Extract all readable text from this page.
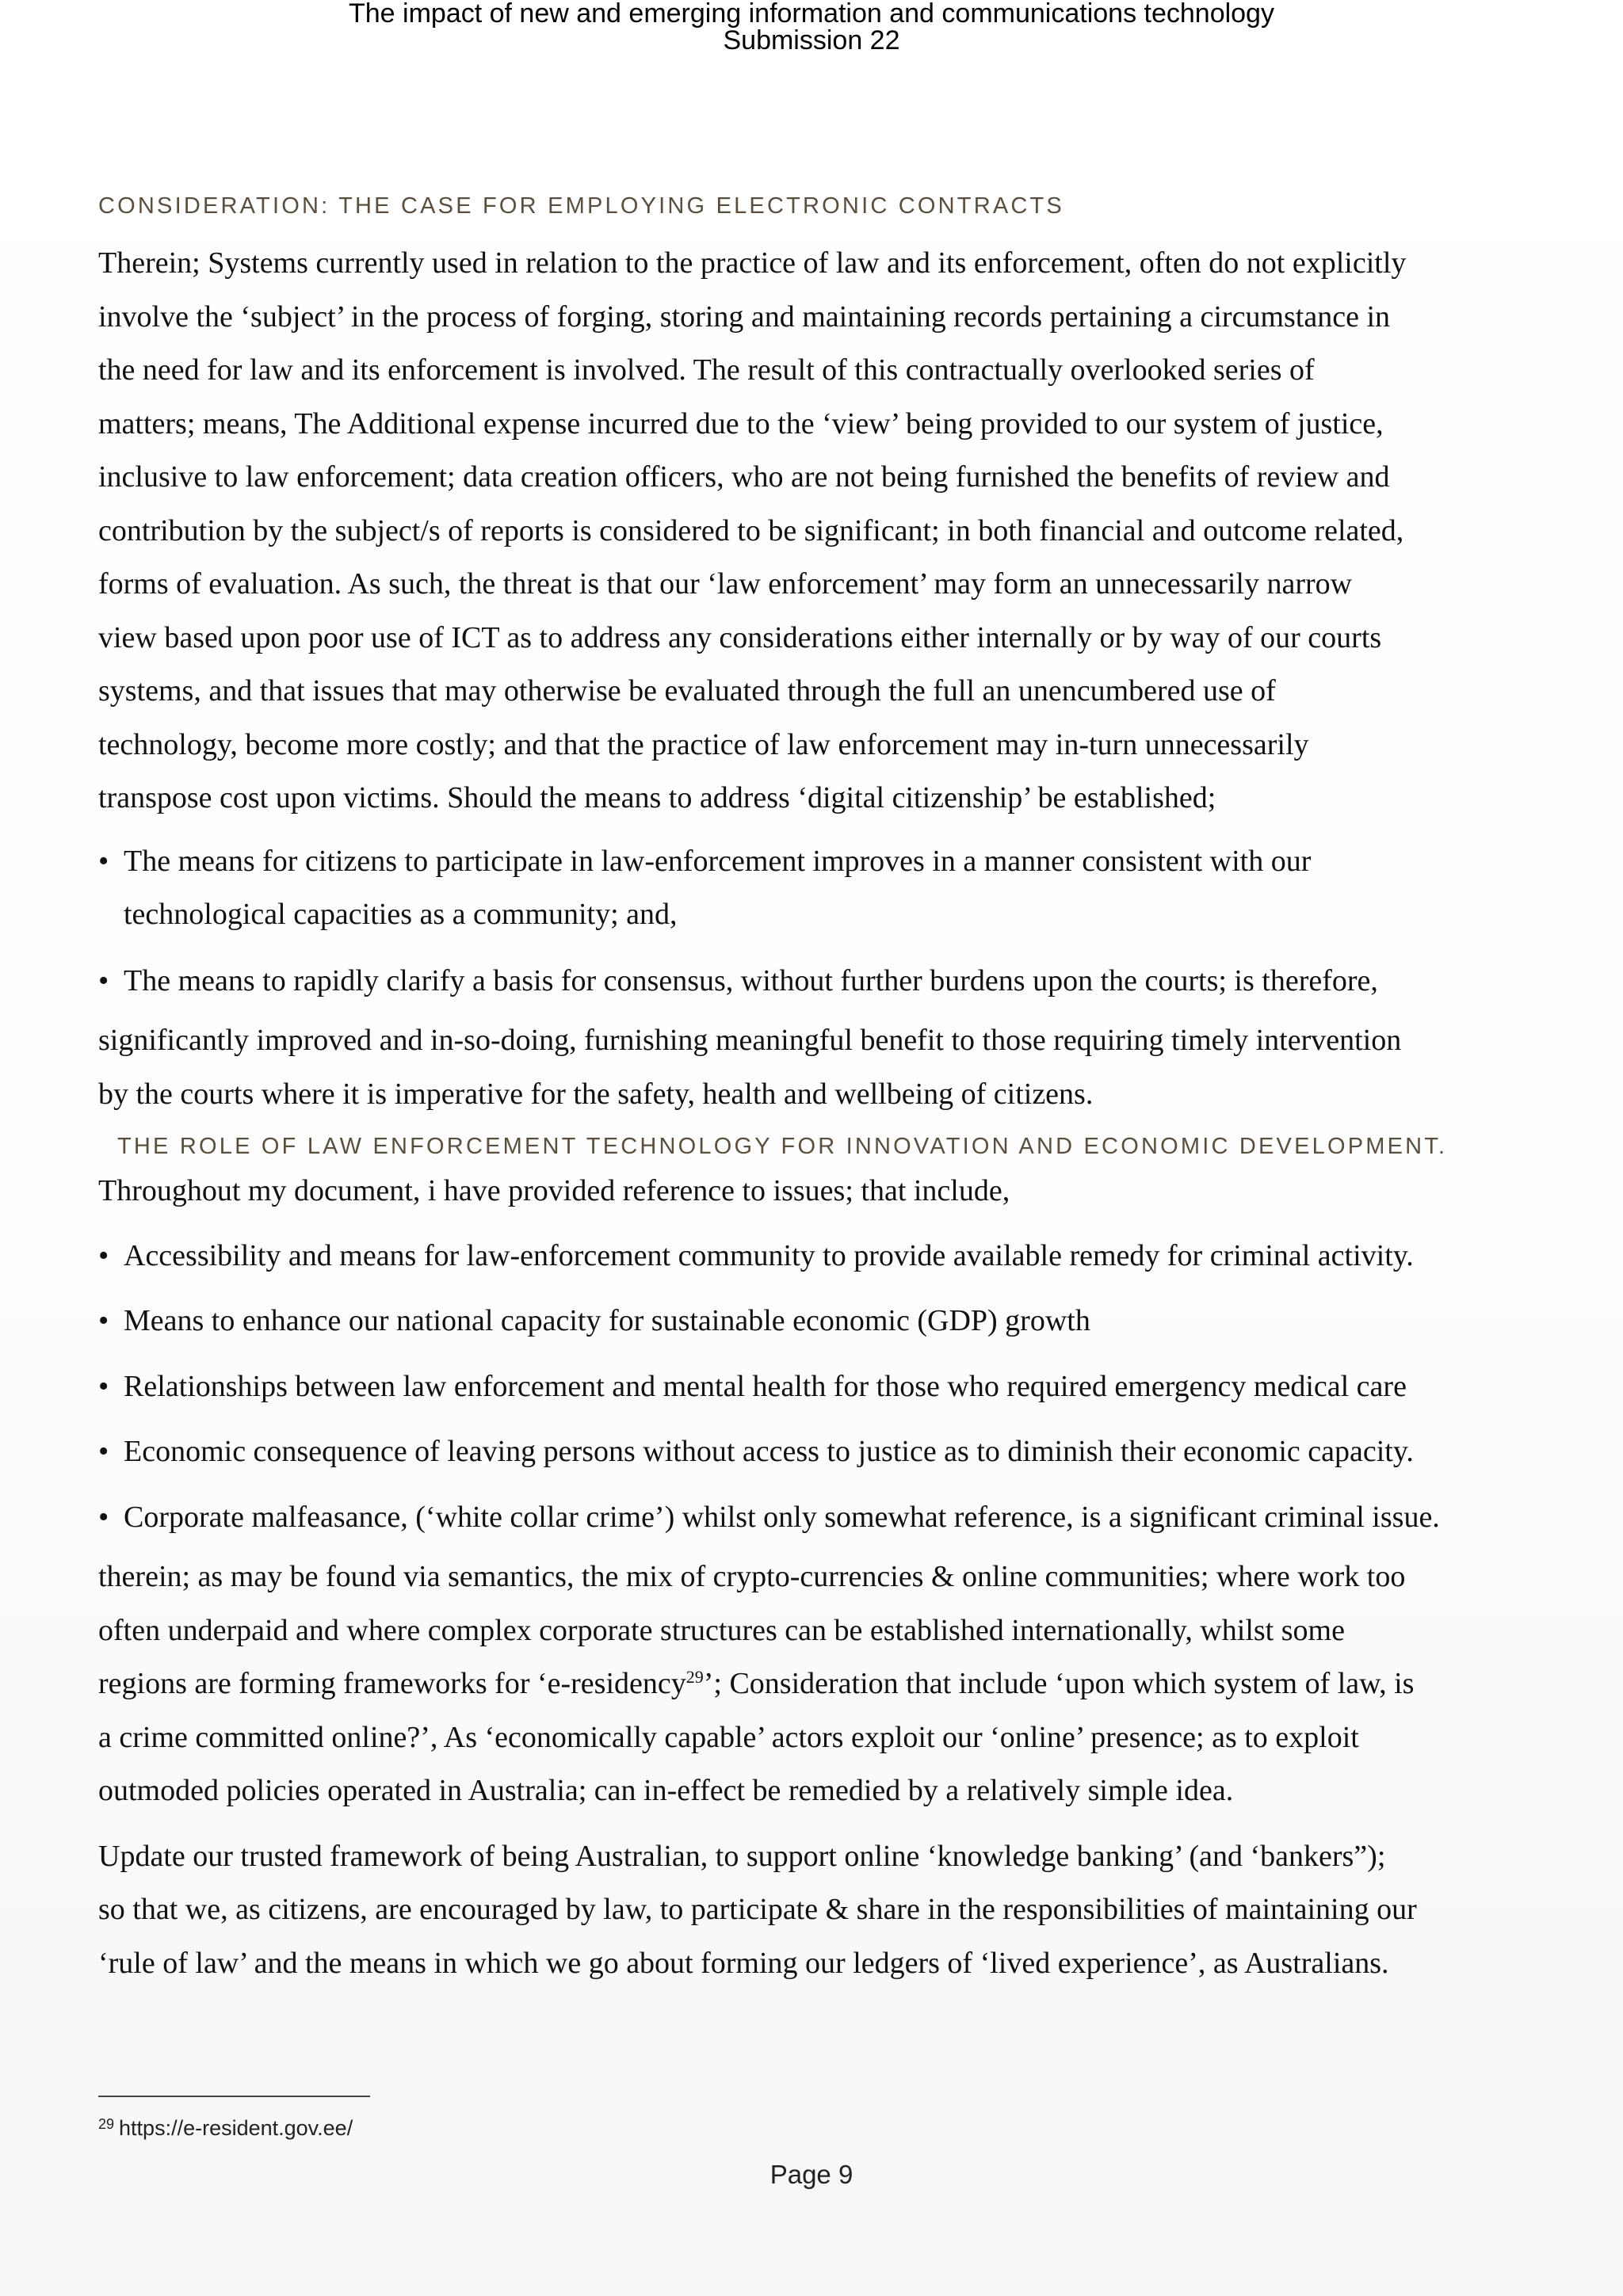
The impact of new and emerging information and communications technology
Submission 22
CONSIDERATION: THE CASE FOR EMPLOYING ELECTRONIC CONTRACTS
Therein; Systems currently used in relation to the practice of law and its enforcement, often do not explicitly
involve the ‘subject’ in the process of forging, storing and maintaining records pertaining a circumstance in
the need for law and its enforcement is involved. The result of this contractually overlooked series of
matters; means, The Additional expense incurred due to the ‘view’ being provided to our system of justice,
inclusive to law enforcement; data creation officers, who are not being furnished the benefits of review and
contribution by the subject/s of reports is considered to be significant; in both financial and outcome related,
forms of evaluation. As such, the threat is that our ‘law enforcement’ may form an unnecessarily narrow
view based upon poor use of ICT as to address any considerations either internally or by way of our courts
systems, and that issues that may otherwise be evaluated through the full an unencumbered use of
technology, become more costly; and that the practice of law enforcement may in-turn unnecessarily
transpose cost upon victims. Should the means to address ‘digital citizenship’ be established;
• The means for citizens to participate in law-enforcement improves in a manner consistent with our
technological capacities as a community; and,
• The means to rapidly clarify a basis for consensus, without further burdens upon the courts; is therefore,
significantly improved and in-so-doing, furnishing meaningful benefit to those requiring timely intervention
by the courts where it is imperative for the safety, health and wellbeing of citizens.
THE ROLE OF LAW ENFORCEMENT TECHNOLOGY FOR INNOVATION AND ECONOMIC DEVELOPMENT.
Throughout my document, i have provided reference to issues; that include,
• Accessibility and means for law-enforcement community to provide available remedy for criminal activity.
• Means to enhance our national capacity for sustainable economic (GDP) growth
• Relationships between law enforcement and mental health for those who required emergency medical care
• Economic consequence of leaving persons without access to justice as to diminish their economic capacity.
• Corporate malfeasance, (‘white collar crime’) whilst only somewhat reference, is a significant criminal issue.
therein; as may be found via semantics, the mix of crypto-currencies & online communities; where work too
often underpaid and where complex corporate structures can be established internationally, whilst some
regions are forming frameworks for ‘e-residency$^{29}$’; Consideration that include ‘upon which system of law, is
a crime committed online?’, As ‘economically capable’ actors exploit our ‘online’ presence; as to exploit
outmoded policies operated in Australia; can in-effect be remedied by a relatively simple idea.
Update our trusted framework of being Australian, to support online ‘knowledge banking’ (and ‘bankers”);
so that we, as citizens, are encouraged by law, to participate & share in the responsibilities of maintaining our
‘rule of law’ and the means in which we go about forming our ledgers of ‘lived experience’, as Australians.
$^{29}$ https://e-resident.gov.ee/
Page 9
